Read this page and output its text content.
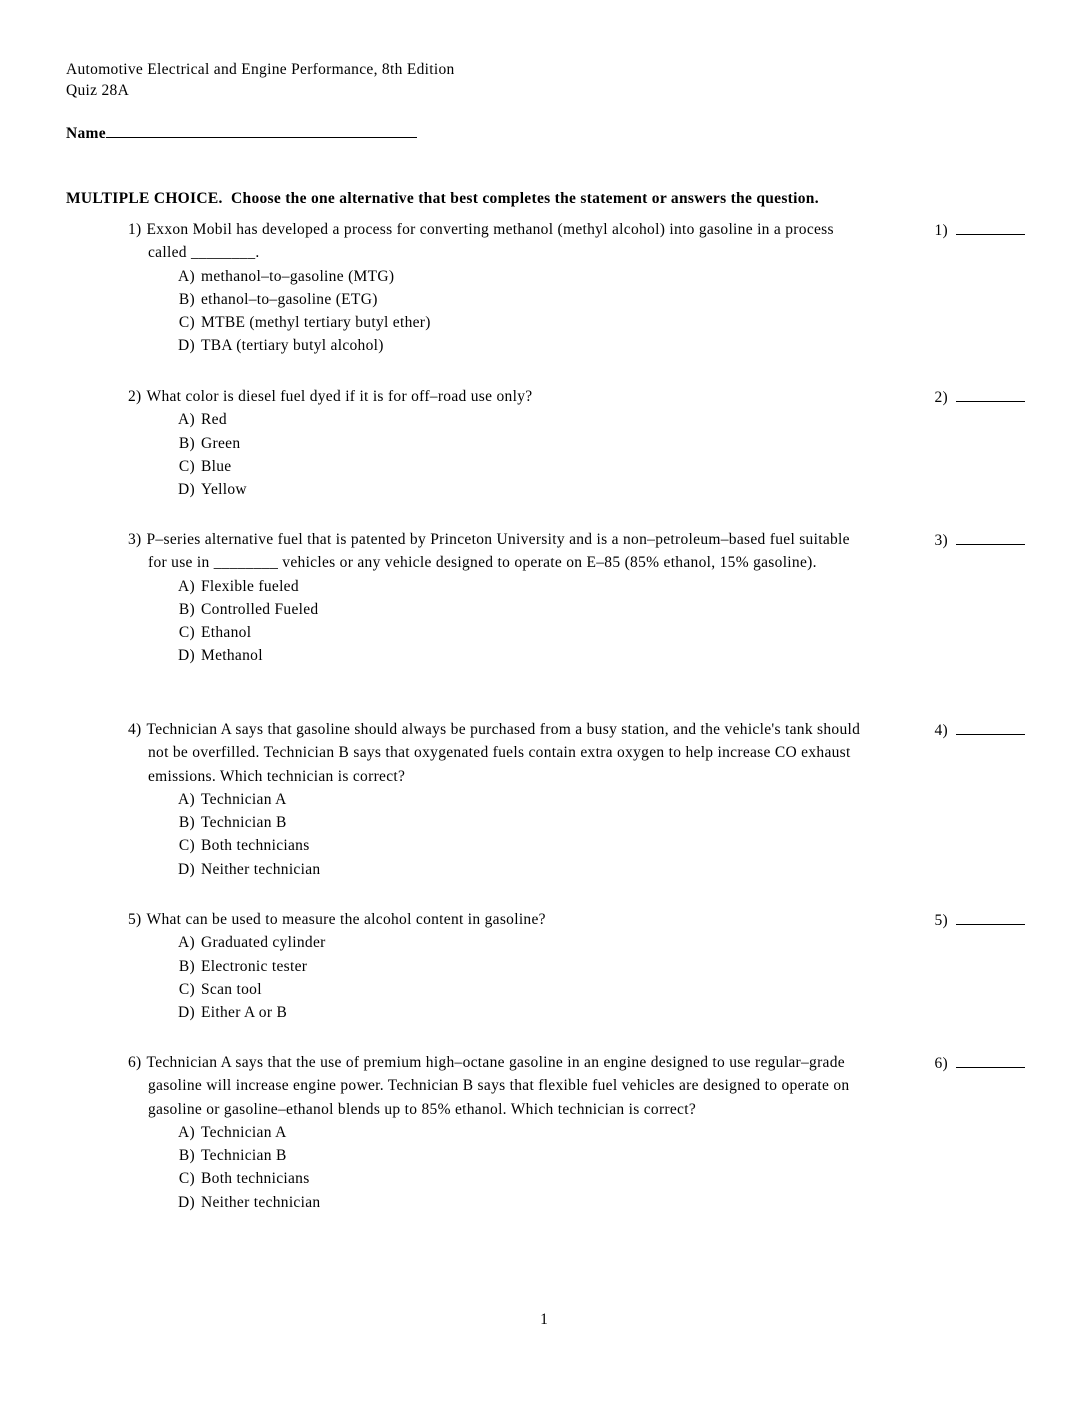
Automotive Electrical and Engine Performance, 8th Edition
Quiz 28A
Name
MULTIPLE CHOICE.  Choose the one alternative that best completes the statement or answers the question.
1) Exxon Mobil has developed a process for converting methanol (methyl alcohol) into gasoline in a process called ________.
A) methanol–to–gasoline (MTG)
B) ethanol–to–gasoline (ETG)
C) MTBE (methyl tertiary butyl ether)
D) TBA (tertiary butyl alcohol)
1)
2) What color is diesel fuel dyed if it is for off–road use only?
A) Red
B) Green
C) Blue
D) Yellow
2)
3) P–series alternative fuel that is patented by Princeton University and is a non–petroleum–based fuel suitable for use in ________ vehicles or any vehicle designed to operate on E–85 (85% ethanol, 15% gasoline).
A) Flexible fueled
B) Controlled Fueled
C) Ethanol
D) Methanol
3)
4) Technician A says that gasoline should always be purchased from a busy station, and the vehicle's tank should not be overfilled. Technician B says that oxygenated fuels contain extra oxygen to help increase CO exhaust emissions. Which technician is correct?
A) Technician A
B) Technician B
C) Both technicians
D) Neither technician
4)
5) What can be used to measure the alcohol content in gasoline?
A) Graduated cylinder
B) Electronic tester
C) Scan tool
D) Either A or B
5)
6) Technician A says that the use of premium high–octane gasoline in an engine designed to use regular–grade gasoline will increase engine power. Technician B says that flexible fuel vehicles are designed to operate on gasoline or gasoline–ethanol blends up to 85% ethanol. Which technician is correct?
A) Technician A
B) Technician B
C) Both technicians
D) Neither technician
6)
1
